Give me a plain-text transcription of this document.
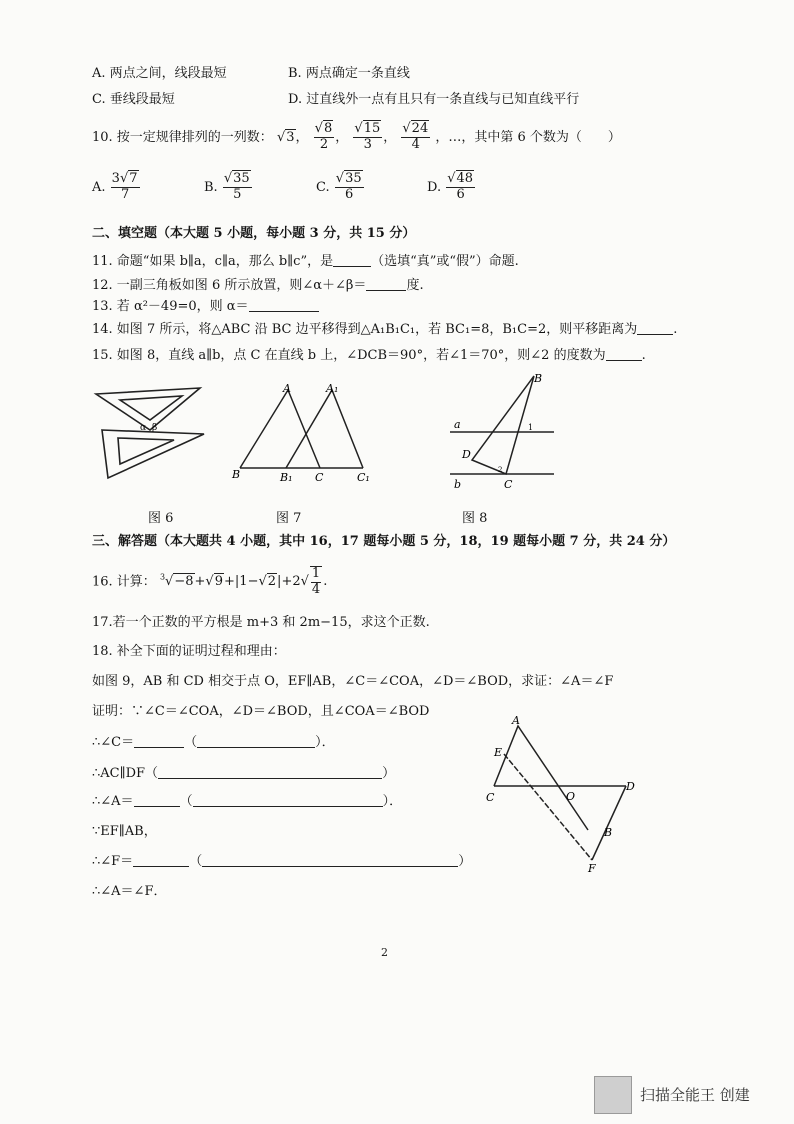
A. 两点之间，线段最短	B. 两点确定一条直线
C. 垂线段最短	D. 过直线外一点有且只有一条直线与已知直线平行
10. 按一定规律排列的一列数： √3， $\frac{√8}{2}$ ， $\frac{√15}{3}$ ， $\frac{√24}{4}$ ，…，其中第 6 个数为（　　）
A. $\frac{3√7}{7}$	B. $\frac{√35}{5}$	C. $\frac{√35}{6}$	D. $\frac{√48}{6}$
二、填空题（本大题 5 小题，每小题 3 分，共 15 分）
11. 命题“如果 b∥a，c∥a，那么 b∥c”，是	（选填“真”或“假”）命题.
12. 一副三角板如图 6 所示放置，则∠α＋∠β＝	度.
13. 若 α²－49=0，则 α＝
14. 如图 7 所示，将△ABC 沿 BC 边平移得到△A₁B₁C₁，若 BC₁=8，B₁C=2，则平移距离为	.
15. 如图 8，直线 a∥b，点 C 在直线 b 上，∠DCB＝90°，若∠1＝70°，则∠2 的度数为	.
α β
图 6
A	A₁
B	B₁ C	C₁
图 7
a
b
B
D
C
1
2
图 8
三、解答题（本大题共 4 小题，其中 16，17 题每小题 5 分，18，19 题每小题 7 分，共 24 分）
16. 计算： $^3√-8+√9+|1-√2|+2√ \frac{1}{4}$ .
17.若一个正数的平方根是 m+3 和 2m−15，求这个正数.
18. 补全下面的证明过程和理由：
如图 9，AB 和 CD 相交于点 O，EF∥AB，∠C＝∠COA，∠D＝∠BOD，求证：∠A＝∠F
证明：∵∠C＝∠COA，∠D＝∠BOD，且∠COA＝∠BOD
∴∠C＝	（	）．
∴AC∥DF（	）
∴∠A＝	（	）．
∵EF∥AB，
∴∠F＝	（	）
∴∠A＝∠F．
A
E
C	O
D
B
F
2
扫描全能王 创建
